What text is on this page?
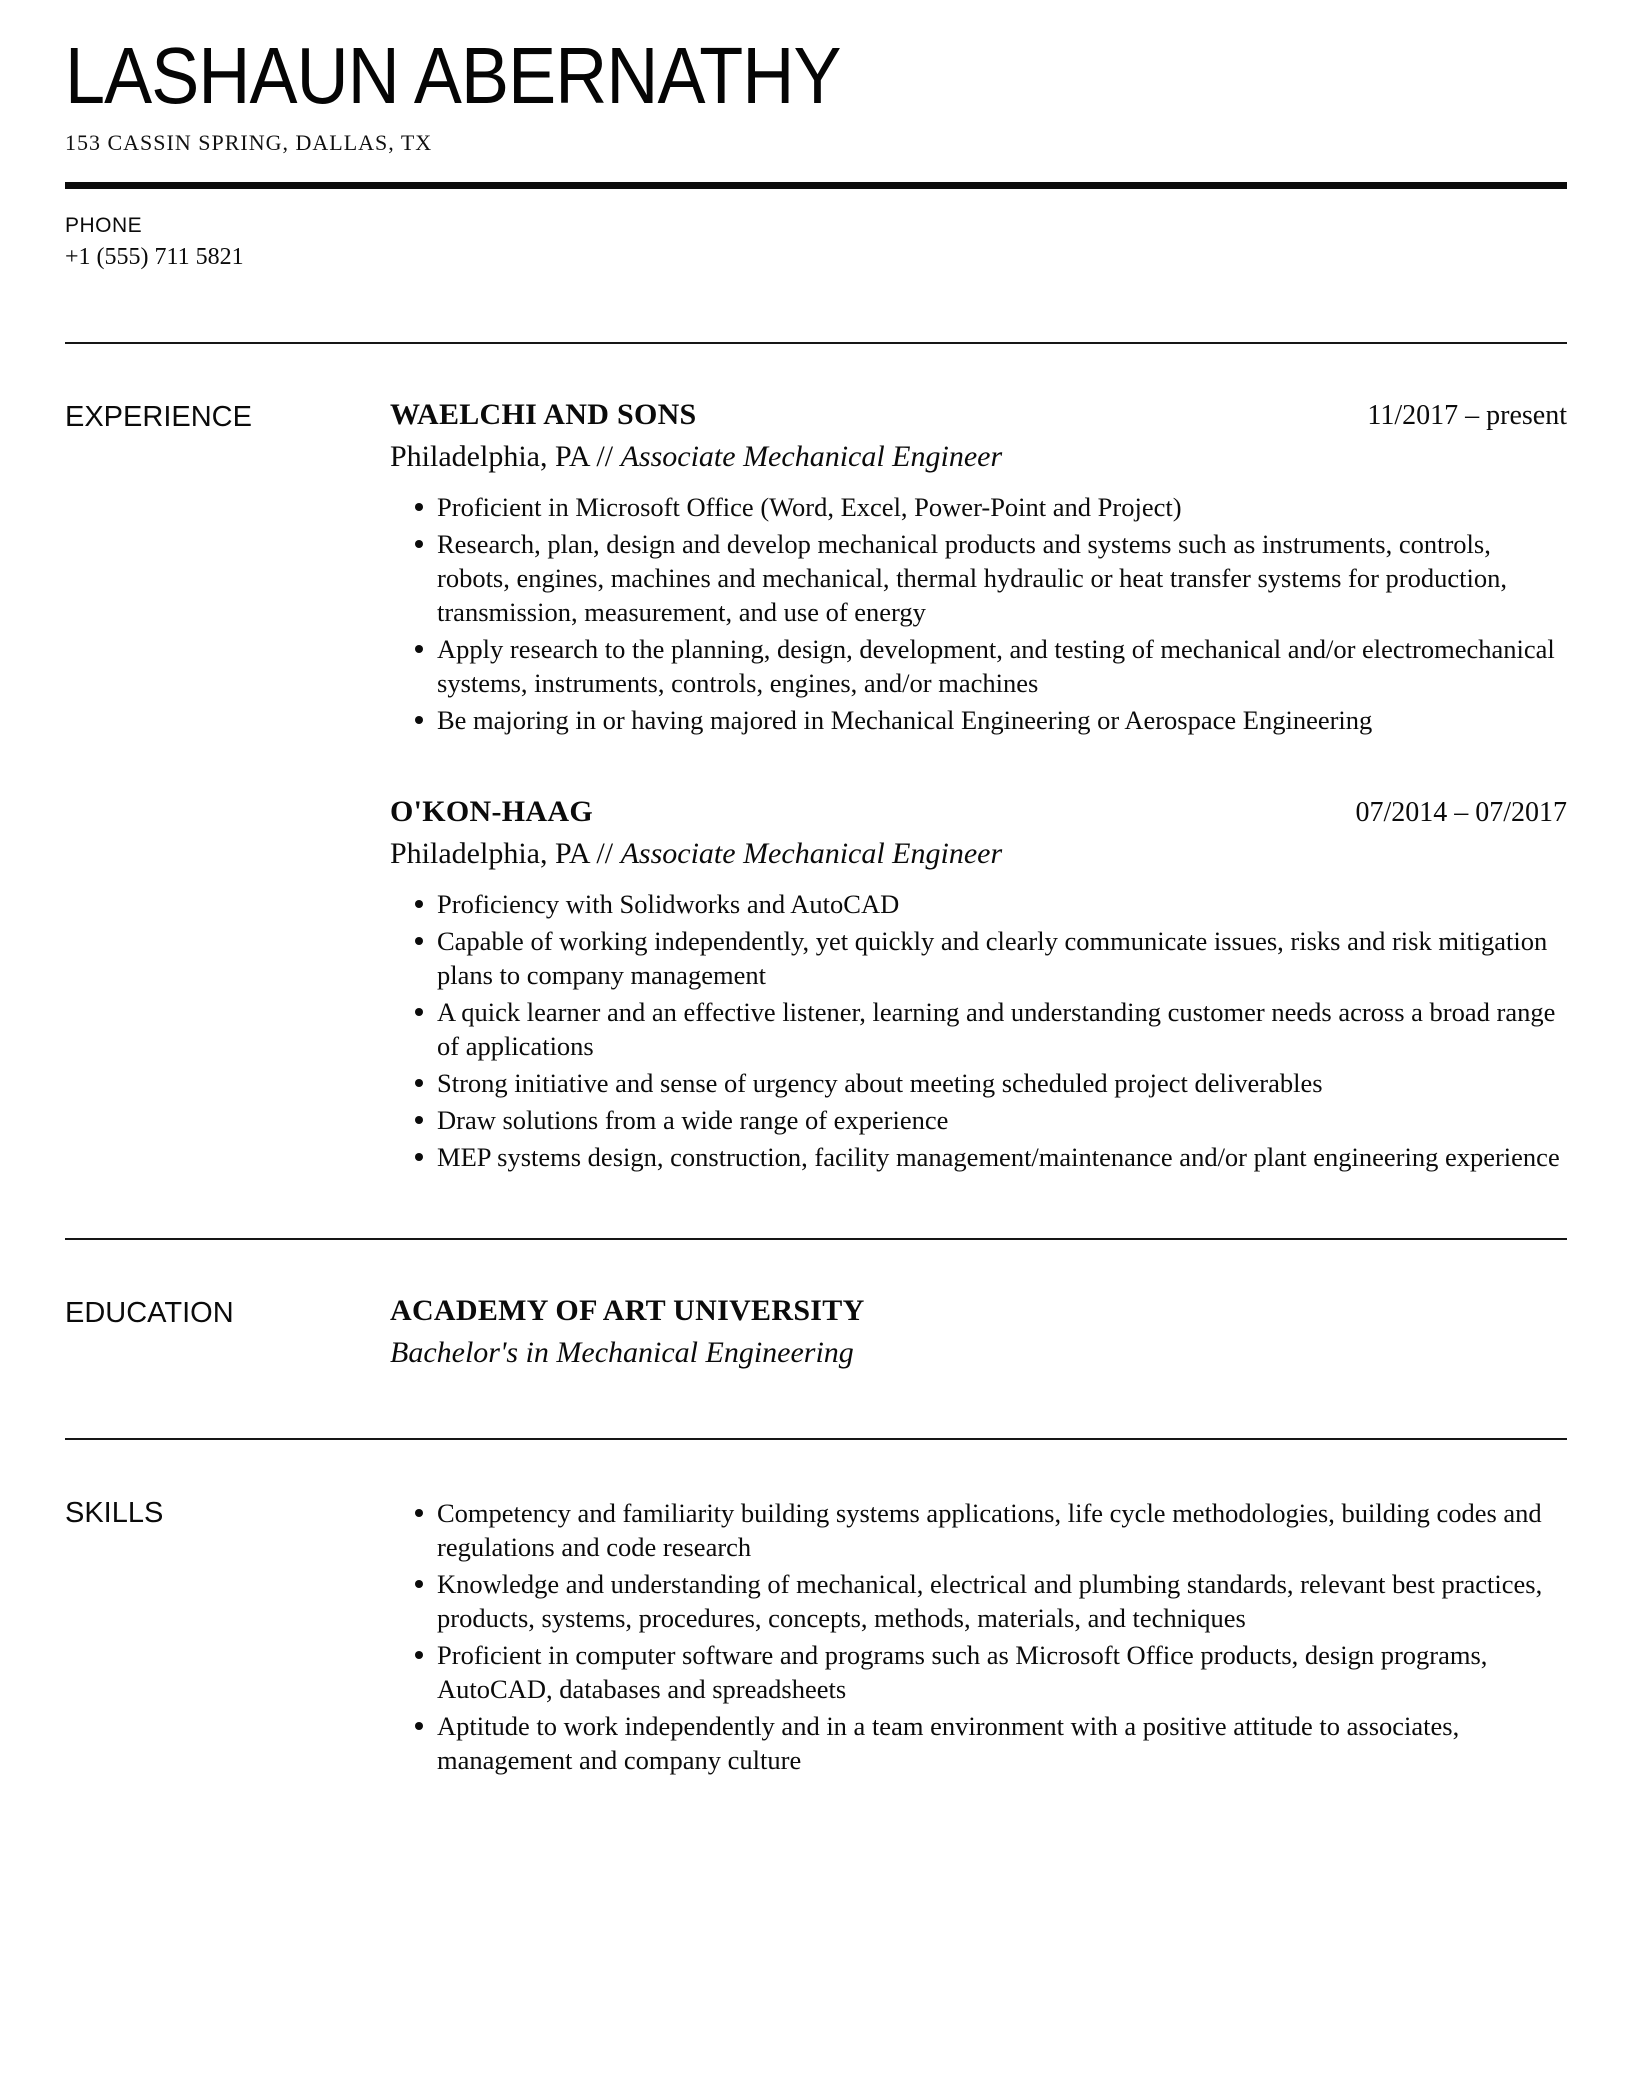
LASHAUN ABERNATHY
153 CASSIN SPRING, DALLAS, TX
PHONE
+1 (555) 711 5821
EXPERIENCE	WAELCHI AND SONS	11/2017 – present
Philadelphia, PA // Associate Mechanical Engineer
Proficient in Microsoft Office (Word, Excel, Power-Point and Project)
Research, plan, design and develop mechanical products and systems such as instruments, controls, robots, engines, machines and mechanical, thermal hydraulic or heat transfer systems for production, transmission, measurement, and use of energy
Apply research to the planning, design, development, and testing of mechanical and/or electromechanical systems, instruments, controls, engines, and/or machines
Be majoring in or having majored in Mechanical Engineering or Aerospace Engineering
O'KON-HAAG	07/2014 – 07/2017
Philadelphia, PA // Associate Mechanical Engineer
Proficiency with Solidworks and AutoCAD
Capable of working independently, yet quickly and clearly communicate issues, risks and risk mitigation plans to company management
A quick learner and an effective listener, learning and understanding customer needs across a broad range of applications
Strong initiative and sense of urgency about meeting scheduled project deliverables
Draw solutions from a wide range of experience
MEP systems design, construction, facility management/maintenance and/or plant engineering experience
EDUCATION	ACADEMY OF ART UNIVERSITY
Bachelor's in Mechanical Engineering
SKILLS	Competency and familiarity building systems applications, life cycle methodologies, building codes and regulations and code research
Knowledge and understanding of mechanical, electrical and plumbing standards, relevant best practices, products, systems, procedures, concepts, methods, materials, and techniques
Proficient in computer software and programs such as Microsoft Office products, design programs, AutoCAD, databases and spreadsheets
Aptitude to work independently and in a team environment with a positive attitude to associates, management and company culture
